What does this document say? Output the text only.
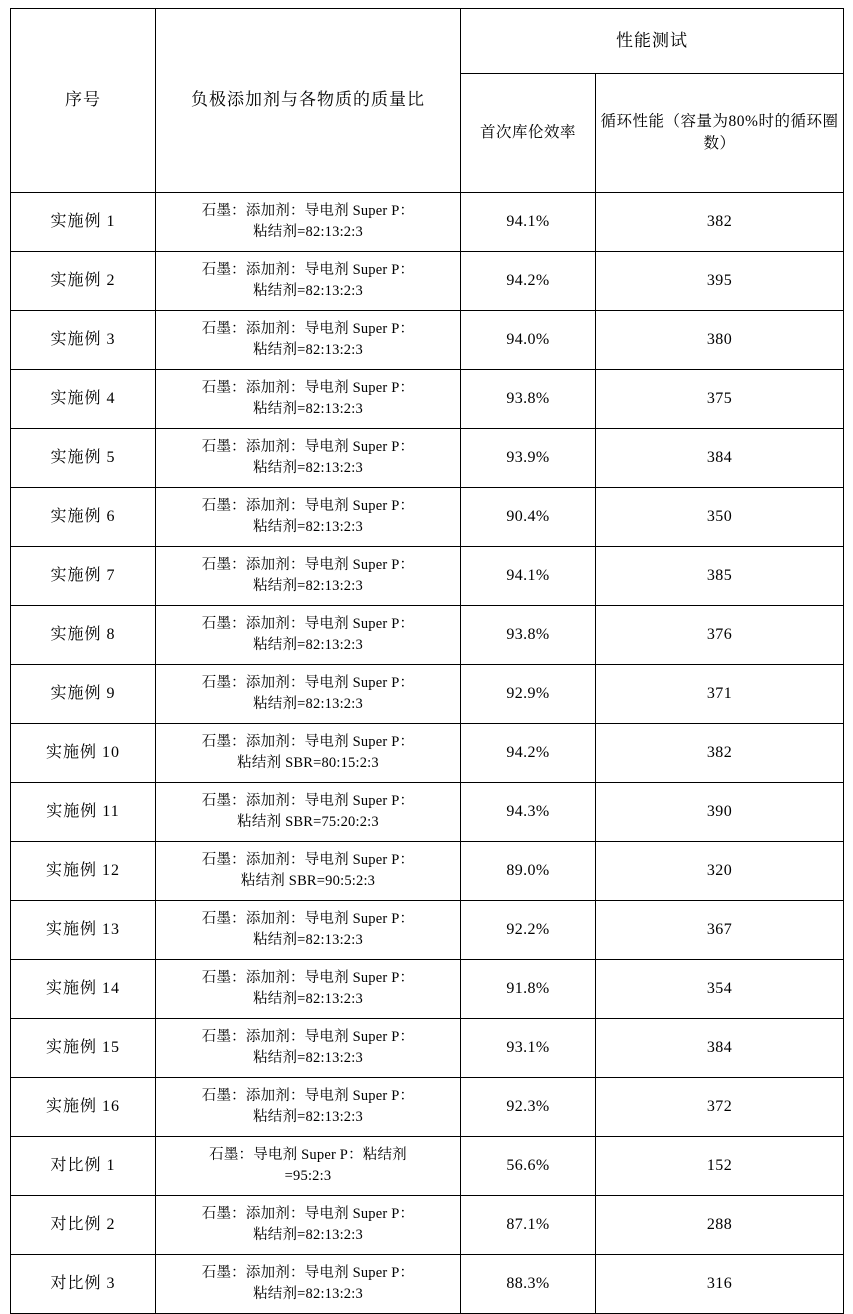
序号	负极添加剂与各物质的质量比	性能测试	
		首次库伦效率	循环性能（容量为80%时的循环圈数）
实施例 1	石墨：添加剂：导电剂 Super P：
粘结剂=82:13:2:3	94.1%	382
实施例 2	石墨：添加剂：导电剂 Super P：
粘结剂=82:13:2:3	94.2%	395
实施例 3	石墨：添加剂：导电剂 Super P：
粘结剂=82:13:2:3	94.0%	380
实施例 4	石墨：添加剂：导电剂 Super P：
粘结剂=82:13:2:3	93.8%	375
实施例 5	石墨：添加剂：导电剂 Super P：
粘结剂=82:13:2:3	93.9%	384
实施例 6	石墨：添加剂：导电剂 Super P：
粘结剂=82:13:2:3	90.4%	350
实施例 7	石墨：添加剂：导电剂 Super P：
粘结剂=82:13:2:3	94.1%	385
实施例 8	石墨：添加剂：导电剂 Super P：
粘结剂=82:13:2:3	93.8%	376
实施例 9	石墨：添加剂：导电剂 Super P：
粘结剂=82:13:2:3	92.9%	371
实施例 10	石墨：添加剂：导电剂 Super P：
粘结剂 SBR=80:15:2:3	94.2%	382
实施例 11	石墨：添加剂：导电剂 Super P：
粘结剂 SBR=75:20:2:3	94.3%	390
实施例 12	石墨：添加剂：导电剂 Super P：
粘结剂 SBR=90:5:2:3	89.0%	320
实施例 13	石墨：添加剂：导电剂 Super P：
粘结剂=82:13:2:3	92.2%	367
实施例 14	石墨：添加剂：导电剂 Super P：
粘结剂=82:13:2:3	91.8%	354
实施例 15	石墨：添加剂：导电剂 Super P：
粘结剂=82:13:2:3	93.1%	384
实施例 16	石墨：添加剂：导电剂 Super P：
粘结剂=82:13:2:3	92.3%	372
对比例 1	石墨：导电剂 Super P：粘结剂
=95:2:3	56.6%	152
对比例 2	石墨：添加剂：导电剂 Super P：
粘结剂=82:13:2:3	87.1%	288
对比例 3	石墨：添加剂：导电剂 Super P：
粘结剂=82:13:2:3	88.3%	316
